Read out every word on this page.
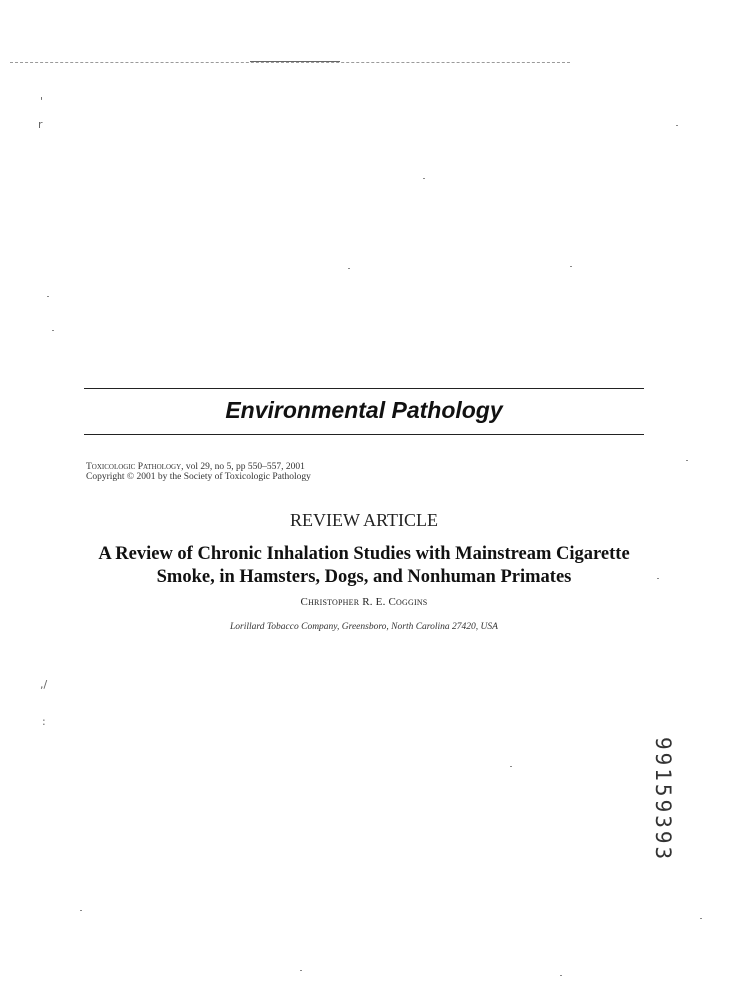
'
r
,/
:
Environmental Pathology
Toxicologic Pathology, vol 29, no 5, pp 550–557, 2001
Copyright © 2001 by the Society of Toxicologic Pathology
REVIEW ARTICLE
A Review of Chronic Inhalation Studies with Mainstream Cigarette
Smoke, in Hamsters, Dogs, and Nonhuman Primates
Christopher R. E. Coggins
Lorillard Tobacco Company, Greensboro, North Carolina 27420, USA
99159393
